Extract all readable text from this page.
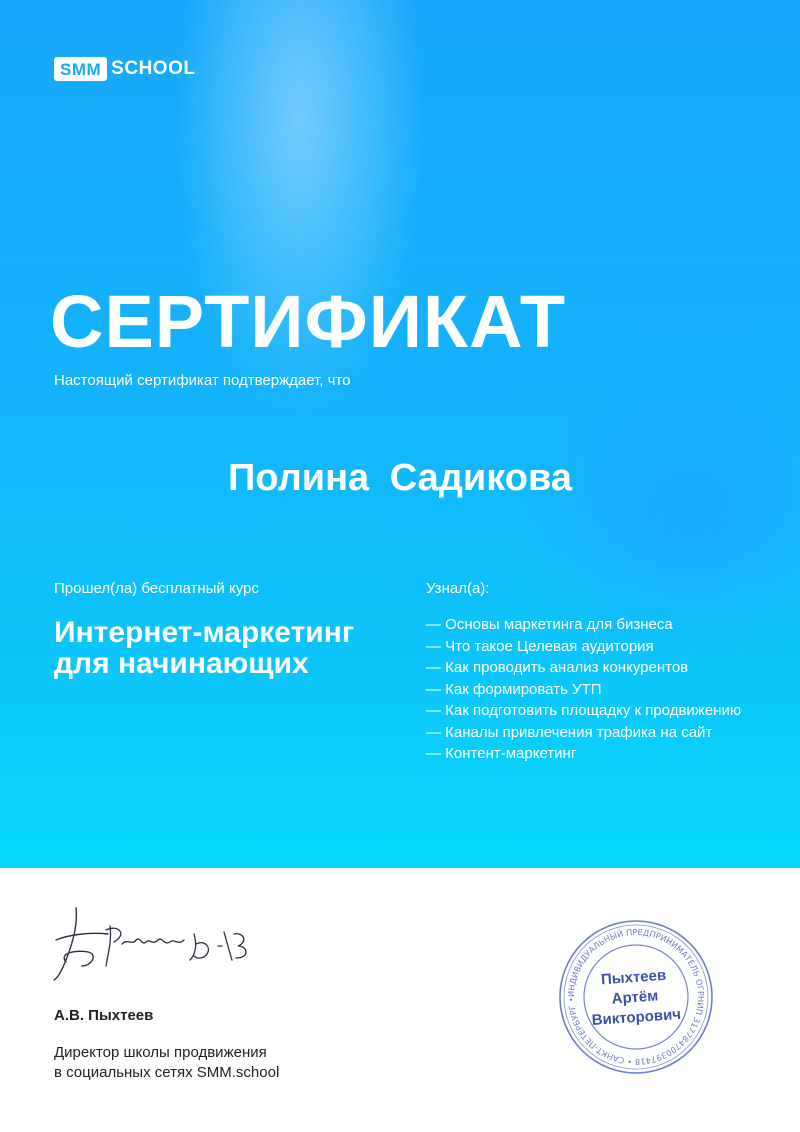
SMM SCHOOL
СЕРТИФИКАТ
Настоящий сертификат подтверждает, что
Полина Садикова
Прошел(ла) бесплатный курс
Интернет-маркетинг для начинающих
Узнал(а):
— Основы маркетинга для бизнеса
— Что такое Целевая аудитория
— Как проводить анализ конкурентов
— Как формировать УТП
— Как подготовить площадку к продвижению
— Каналы привлечения трафика на сайт
— Контент-маркетинг
А.В. Пыхтеев
Директор школы продвижения
в социальных сетях SMM.school
ИНДИВИДУАЛЬНЫЙ ПРЕДПРИНИМАТЕЛЬ ОГРНИП 317784700397418 • САНКТ-ПЕТЕРБУРГ •
Пыхтеев
Артём
Викторович
